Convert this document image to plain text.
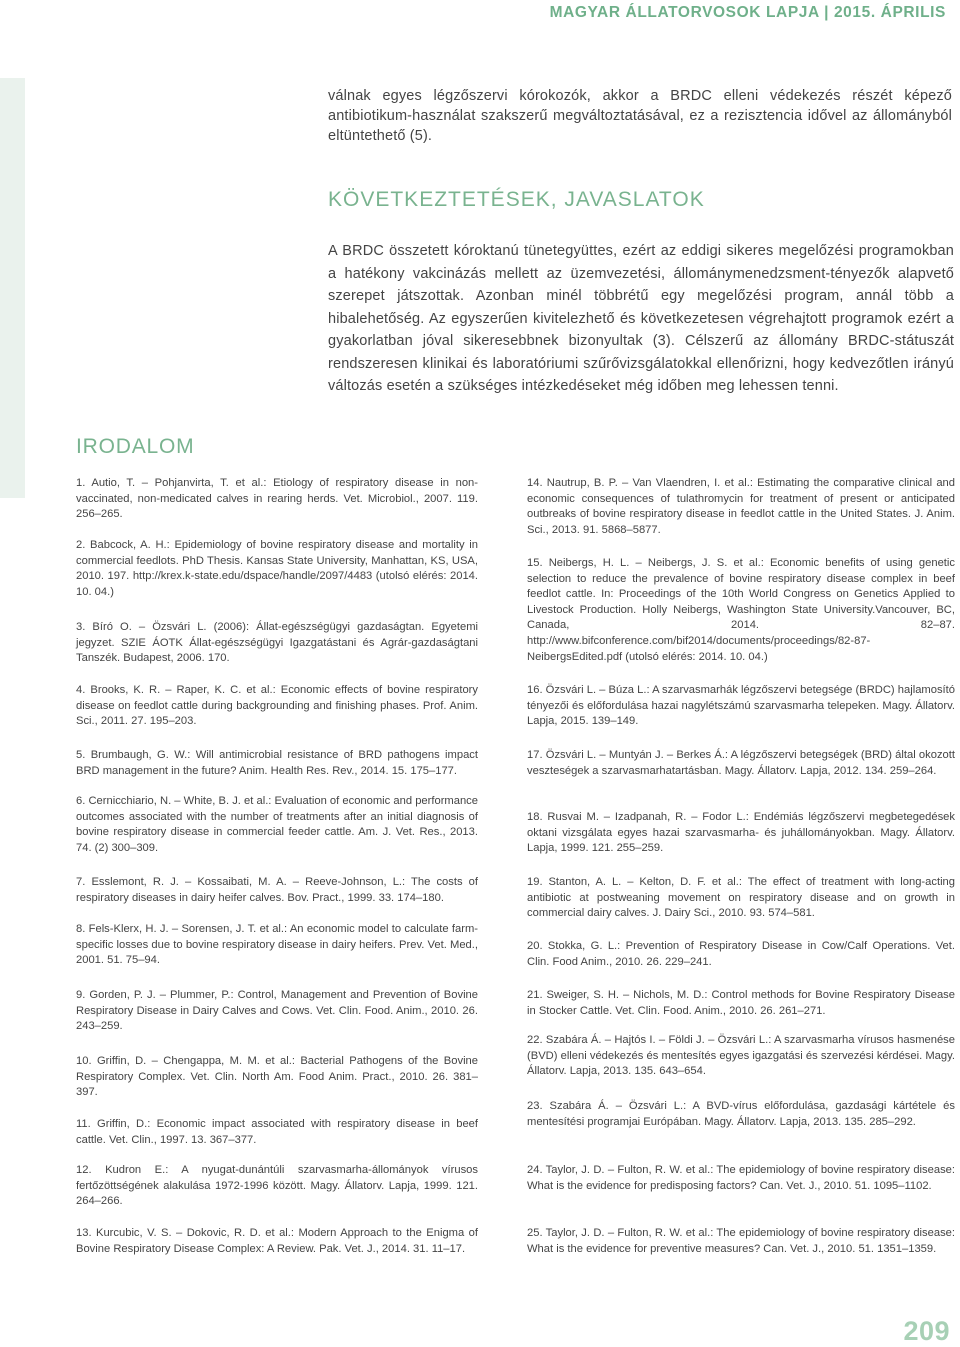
MAGYAR ÁLLATORVOSOK LAPJA | 2015. ÁPRILIS

válnak egyes légzőszervi kórokozók, akkor a BRDC elleni védekezés részét képező antibiotikum-használat szakszerű megváltoztatásával, ez a rezisztencia idővel az állományból eltüntethető (5).

KÖVETKEZTETÉSEK, JAVASLATOK

A BRDC összetett kóroktanú tünetegyüttes, ezért az eddigi sikeres megelőzési programokban a hatékony vakcinázás mellett az üzemvezetési, állománymenedzsment-tényezők alapvető szerepet játszottak. Azonban minél többrétű egy megelőzési program, annál több a hibalehetőség. Az egyszerűen kivitelezhető és következetesen végrehajtott programok ezért a gyakorlatban jóval sikeresebbnek bizonyultak (3). Célszerű az állomány BRDC-státuszát rendszeresen klinikai és laboratóriumi szűrővizsgálatokkal ellenőrizni, hogy kedvezőtlen irányú változás esetén a szükséges intézkedéseket még időben meg lehessen tenni.

IRODALOM

1. Autio, T. – Pohjanvirta, T. et al.: Etiology of respiratory disease in non-vaccinated, non-medicated calves in rearing herds. Vet. Microbiol., 2007. 119. 256–265.

2. Babcock, A. H.: Epidemiology of bovine respiratory disease and mortality in commercial feedlots. PhD Thesis. Kansas State University, Manhattan, KS, USA, 2010. 197. http://krex.k-state.edu/dspace/handle/2097/4483 (utolsó elérés: 2014. 10. 04.)

3. Bíró O. – Özsvári L. (2006): Állat-egészségügyi gazdaságtan. Egyetemi jegyzet. SZIE ÁOTK Állat-egészségügyi Igazgatástani és Agrár-gazdaságtani Tanszék. Budapest, 2006. 170.

4. Brooks, K. R. – Raper, K. C. et al.: Economic effects of bovine respiratory disease on feedlot cattle during backgrounding and finishing phases. Prof. Anim. Sci., 2011. 27. 195–203.

5. Brumbaugh, G. W.: Will antimicrobial resistance of BRD pathogens impact BRD management in the future? Anim. Health Res. Rev., 2014. 15. 175–177.

6. Cernicchiario, N. – White, B. J. et al.: Evaluation of economic and performance outcomes associated with the number of treatments after an initial diagnosis of bovine respiratory disease in commercial feeder cattle. Am. J. Vet. Res., 2013. 74. (2) 300–309.

7. Esslemont, R. J. – Kossaibati, M. A. – Reeve-Johnson, L.: The costs of respiratory diseases in dairy heifer calves. Bov. Pract., 1999. 33. 174–180.

8. Fels-Klerx, H. J. – Sorensen, J. T. et al.: An economic model to calculate farm-specific losses due to bovine respiratory disease in dairy heifers. Prev. Vet. Med., 2001. 51. 75–94.

9. Gorden, P. J. – Plummer, P.: Control, Management and Prevention of Bovine Respiratory Disease in Dairy Calves and Cows. Vet. Clin. Food. Anim., 2010. 26. 243–259.

10. Griffin, D. – Chengappa, M. M. et al.: Bacterial Pathogens of the Bovine Respiratory Complex. Vet. Clin. North Am. Food Anim. Pract., 2010. 26. 381–397.

11. Griffin, D.: Economic impact associated with respiratory disease in beef cattle. Vet. Clin., 1997. 13. 367–377.

12. Kudron E.: A nyugat-dunántúli szarvasmarha-állományok vírusos fertőzöttségének alakulása 1972-1996 között. Magy. Állatorv. Lapja, 1999. 121. 264–266.

13. Kurcubic, V. S. – Dokovic, R. D. et al.: Modern Approach to the Enigma of Bovine Respiratory Disease Complex: A Review. Pak. Vet. J., 2014. 31. 11–17.

14. Nautrup, B. P. – Van Vlaendren, I. et al.: Estimating the comparative clinical and economic consequences of tulathromycin for treatment of present or anticipated outbreaks of bovine respiratory disease in feedlot cattle in the United States. J. Anim. Sci., 2013. 91. 5868–5877.

15. Neibergs, H. L. – Neibergs, J. S. et al.: Economic benefits of using genetic selection to reduce the prevalence of bovine respiratory disease complex in beef feedlot cattle. In: Proceedings of the 10th World Congress on Genetics Applied to Livestock Production. Holly Neibergs, Washington State University.Vancouver, BC, Canada, 2014. 82–87. http://www.bifconference.com/bif2014/documents/proceedings/82-87-NeibergsEdited.pdf (utolsó elérés: 2014. 10. 04.)

16. Özsvári L. – Búza L.: A szarvasmarhák légzőszervi betegsége (BRDC) hajlamosító tényezői és előfordulása hazai nagylétszámú szarvasmarha telepeken. Magy. Állatorv. Lapja, 2015. 139–149.

17. Özsvári L. – Muntyán J. – Berkes Á.: A légzőszervi betegségek (BRD) által okozott veszteségek a szarvasmarhatartásban. Magy. Állatorv. Lapja, 2012. 134. 259–264.

18. Rusvai M. – Izadpanah, R. – Fodor L.: Endémiás légzőszervi megbetegedések oktani vizsgálata egyes hazai szarvasmarha- és juhállományokban. Magy. Állatorv. Lapja, 1999. 121. 255–259.

19. Stanton, A. L. – Kelton, D. F. et al.: The effect of treatment with long-acting antibiotic at postweaning movement on respiratory disease and on growth in commercial dairy calves. J. Dairy Sci., 2010. 93. 574–581.

20. Stokka, G. L.: Prevention of Respiratory Disease in Cow/Calf Operations. Vet. Clin. Food Anim., 2010. 26. 229–241.

21. Sweiger, S. H. – Nichols, M. D.: Control methods for Bovine Respiratory Disease in Stocker Cattle. Vet. Clin. Food. Anim., 2010. 26. 261–271.

22. Szabára Á. – Hajtós I. – Földi J. – Özsvári L.: A szarvasmarha vírusos hasmenése (BVD) elleni védekezés és mentesítés egyes igazgatási és szervezési kérdései. Magy. Állatorv. Lapja, 2013. 135. 643–654.

23. Szabára Á. – Özsvári L.: A BVD-vírus előfordulása, gazdasági kártétele és mentesítési programjai Európában. Magy. Állatorv. Lapja, 2013. 135. 285–292.

24. Taylor, J. D. – Fulton, R. W. et al.: The epidemiology of bovine respiratory disease: What is the evidence for predisposing factors? Can. Vet. J., 2010. 51. 1095–1102.

25. Taylor, J. D. – Fulton, R. W. et al.: The epidemiology of bovine respiratory disease: What is the evidence for preventive measures? Can. Vet. J., 2010. 51. 1351–1359.

209
